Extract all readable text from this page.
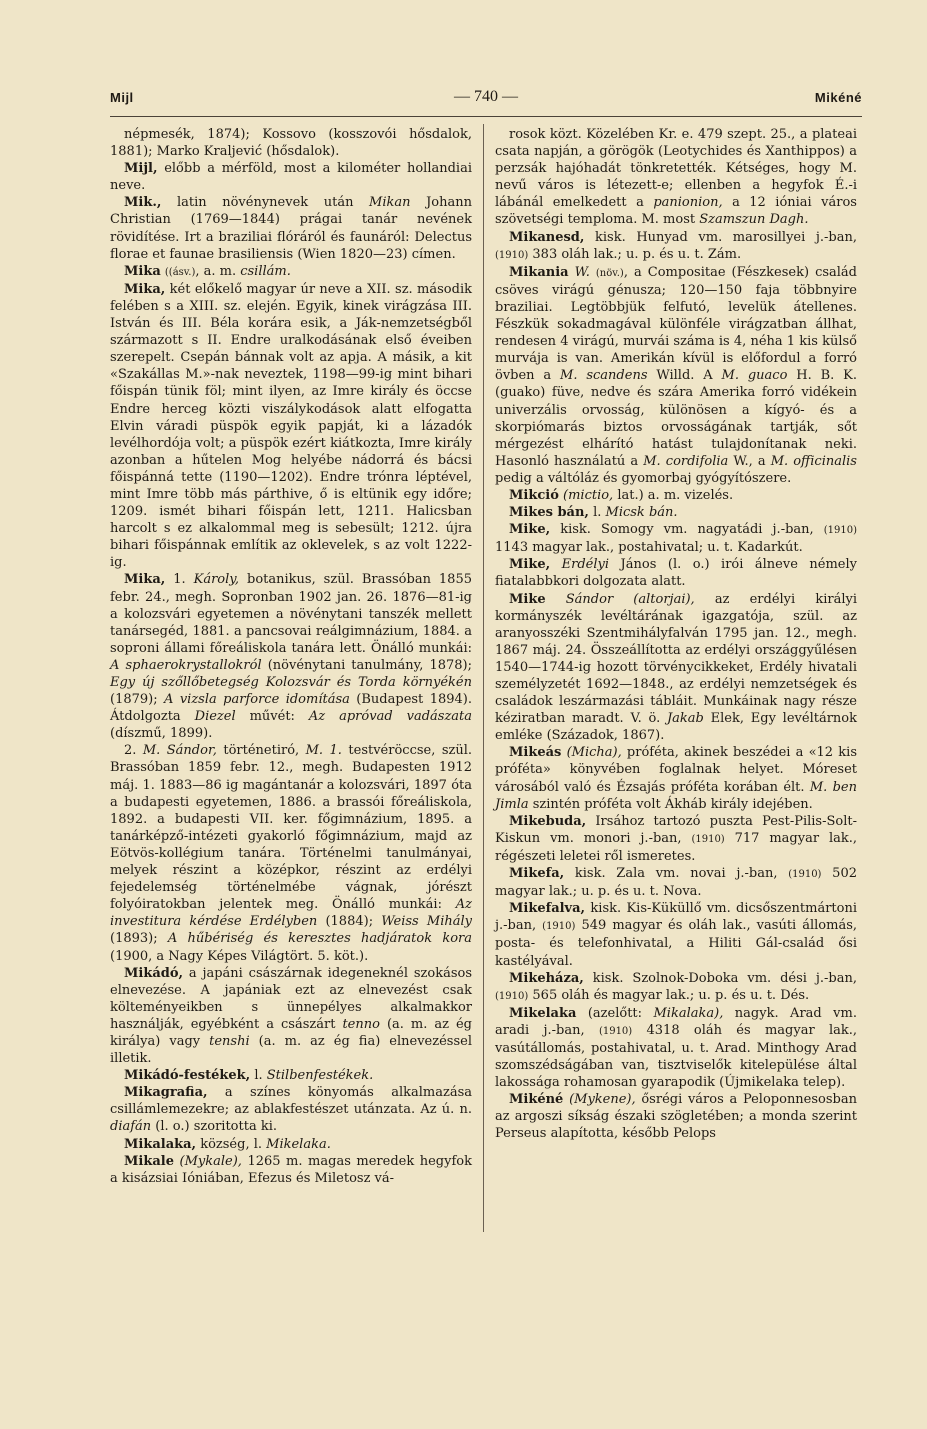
Mijl	— 740 —	Mikéné

népmesék, 1874); Kossovo (kosszovói hősdalok, 1881); Marko Kraljević (hősdalok).

Mijl, előbb a mérföld, most a kilométer hollandiai neve.

Mik., latin növénynevek után Mikan Johann Christian (1769—1844) prágai tanár nevének rövidítése. Irt a braziliai flóráról és faunáról: Delectus florae et faunae brasiliensis (Wien 1820—23) címen.

Mika ((ásv.), a. m. csillám.

Mika, két előkelő magyar úr neve a XII. sz. második felében s a XIII. sz. elején. Egyik, kinek virágzása III. István és III. Béla korára esik, a Ják-nemzetségből származott s II. Endre uralkodásának első éveiben szerepelt. Csepán bánnak volt az apja. A másik, a kit «Szakállas M.»-nak neveztek, 1198—99-ig mint bihari főispán tünik föl; mint ilyen, az Imre király és öccse Endre herceg közti viszálykodások alatt elfogatta Elvin váradi püspök egyik papját, ki a lázadók levélhordója volt; a püspök ezért kiátkozta, Imre király azonban a hűtelen Mog helyébe nádorrá és bácsi főispánná tette (1190—1202). Endre trónra léptével, mint Imre több más párthive, ő is eltünik egy időre; 1209. ismét bihari főispán lett, 1211. Halicsban harcolt s ez alkalommal meg is sebesült; 1212. újra bihari főispánnak említik az oklevelek, s az volt 1222-ig.

Mika, 1. Károly, botanikus, szül. Brassóban 1855 febr. 24., megh. Sopronban 1902 jan. 26. 1876—81-ig a kolozsvári egyetemen a növénytani tanszék mellett tanársegéd, 1881. a pancsovai reálgimnázium, 1884. a soproni állami főreáliskola tanára lett. Önálló munkái: A sphaerokrystallokról (növénytani tanulmány, 1878); Egy új szőllőbetegség Kolozsvár és Torda környékén (1879); A vizsla parforce idomítása (Budapest 1894). Átdolgozta Diezel művét: Az apróvad vadászata (díszmű, 1899).

2. M. Sándor, történetiró, M. 1. testvéröccse, szül. Brassóban 1859 febr. 12., megh. Budapesten 1912 máj. 1. 1883—86 ig magántanár a kolozsvári, 1897 óta a budapesti egyetemen, 1886. a brassói főreáliskola, 1892. a budapesti VII. ker. főgimnázium, 1895. a tanárképző-intézeti gyakorló főgimnázium, majd az Eötvös-kollégium tanára. Történelmi tanulmányai, melyek részint a középkor, részint az erdélyi fejedelemség történelmébe vágnak, jórészt folyóiratokban jelentek meg. Önálló munkái: Az investitura kérdése Erdélyben (1884); Weiss Mihály (1893); A hűbériség és keresztes hadjáratok kora (1900, a Nagy Képes Világtört. 5. köt.).

Mikádó, a japáni császárnak idegeneknél szokásos elnevezése. A japániak ezt az elnevezést csak költeményeikben s ünnepélyes alkalmakkor használják, egyébként a császárt tenno (a. m. az ég királya) vagy tenshi (a. m. az ég fia) elnevezéssel illetik.

Mikádó-festékek, l. Stilbenfestékek.

Mikagrafia, a színes könyomás alkalmazása csillámlemezekre; az ablakfestészet utánzata. Az ú. n. diafán (l. o.) szoritotta ki.

Mikalaka, község, l. Mikelaka.

Mikale (Mykale), 1265 m. magas meredek hegyfok a kisázsiai Ióniában, Efezus és Miletosz vá-

rosok közt. Közelében Kr. e. 479 szept. 25., a plateai csata napján, a görögök (Leotychides és Xanthippos) a perzsák hajóhadát tönkretették. Kétséges, hogy M. nevű város is létezett-e; ellenben a hegyfok É.-i lábánál emelkedett a panionion, a 12 ióniai város szövetségi temploma. M. most Szamszun Dagh.

Mikanesd, kisk. Hunyad vm. marosillyei j.-ban, (1910) 383 oláh lak.; u. p. és u. t. Zám.

Mikania W. (növ.), a Compositae (Fészkesek) család csöves virágú génusza; 120—150 faja többnyire braziliai. Legtöbbjük felfutó, levelük átellenes. Fészkük sokadmagával különféle virágzatban állhat, rendesen 4 virágú, murvái száma is 4, néha 1 kis külső murvája is van. Amerikán kívül is előfordul a forró övben a M. scandens Willd. A M. guaco H. B. K. (guako) füve, nedve és szára Amerika forró vidékein univerzális orvosság, különösen a kígyó- és a skorpiómarás biztos orvosságának tartják, sőt mérgezést elhárító hatást tulajdonítanak neki. Hasonló használatú a M. cordifolia W., a M. officinalis pedig a váltóláz és gyomorbaj gyógyítószere.

Mikció (mictio, lat.) a. m. vizelés.

Mikes bán, l. Micsk bán.

Mike, kisk. Somogy vm. nagyatádi j.-ban, (1910) 1143 magyar lak., postahivatal; u. t. Kadarkút.

Mike, Erdélyi János (l. o.) irói álneve némely fiatalabbkori dolgozata alatt.

Mike Sándor (altorjai), az erdélyi királyi kormányszék levéltárának igazgatója, szül. az aranyosszéki Szentmihályfalván 1795 jan. 12., megh. 1867 máj. 24. Összeállította az erdélyi országgyűlésen 1540—1744-ig hozott törvénycikkeket, Erdély hivatali személyzetét 1692—1848., az erdélyi nemzetségek és családok leszármazási tábláit. Munkáinak nagy része kéziratban maradt. V. ö. Jakab Elek, Egy levéltárnok emléke (Századok, 1867).

Mikeás (Micha), próféta, akinek beszédei a «12 kis próféta» könyvében foglalnak helyet. Móreset városából való és Ézsajás próféta korában élt. M. ben Jimla szintén próféta volt Ákháb király idejében.

Mikebuda, Irsához tartozó puszta Pest-Pilis-Solt-Kiskun vm. monori j.-ban, (1910) 717 magyar lak., régészeti leletei ről ismeretes.

Mikefa, kisk. Zala vm. novai j.-ban, (1910) 502 magyar lak.; u. p. és u. t. Nova.

Mikefalva, kisk. Kis-Küküllő vm. dicsőszentmártoni j.-ban, (1910) 549 magyar és oláh lak., vasúti állomás, posta- és telefonhivatal, a Hiliti Gál-család ősi kastélyával.

Mikeháza, kisk. Szolnok-Doboka vm. dési j.-ban, (1910) 565 oláh és magyar lak.; u. p. és u. t. Dés.

Mikelaka (azelőtt: Mikalaka), nagyk. Arad vm. aradi j.-ban, (1910) 4318 oláh és magyar lak., vasútállomás, postahivatal, u. t. Arad. Minthogy Arad szomszédságában van, tisztviselők kitelepülése által lakossága rohamosan gyarapodik (Újmikelaka telep).

Mikéné (Mykene), ősrégi város a Peloponnesosban az argoszi síkság északi szögletében; a monda szerint Perseus alapította, később Pelops
